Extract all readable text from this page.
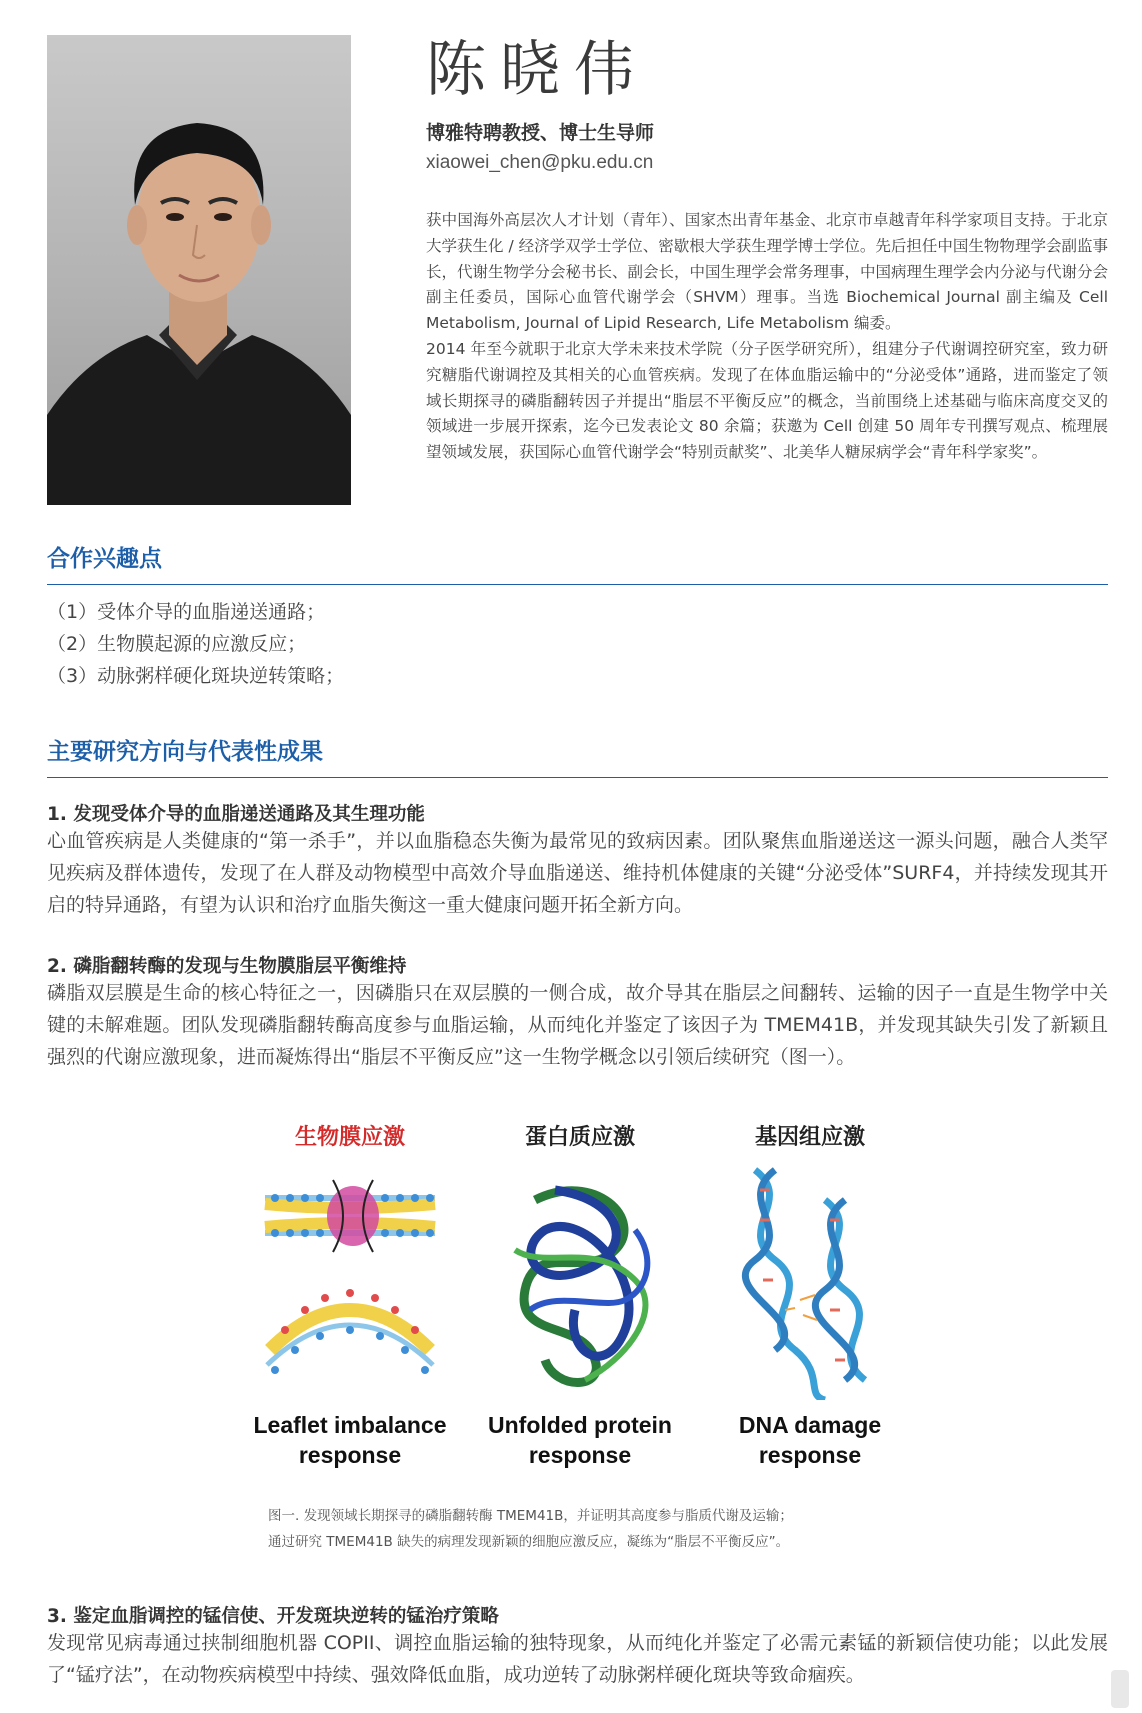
陈晓伟
博雅特聘教授、博士生导师
xiaowei_chen@pku.edu.cn

获中国海外高层次人才计划（青年）、国家杰出青年基金、北京市卓越青年科学家项目支持。于北京大学获生化 / 经济学双学士学位、密歇根大学获生理学博士学位。先后担任中国生物物理学会副监事长，代谢生物学分会秘书长、副会长，中国生理学会常务理事，中国病理生理学会内分泌与代谢分会副主任委员，国际心血管代谢学会（SHVM）理事。当选 Biochemical Journal 副主编及 Cell Metabolism, Journal of Lipid Research, Life Metabolism 编委。

2014 年至今就职于北京大学未来技术学院（分子医学研究所），组建分子代谢调控研究室，致力研究糖脂代谢调控及其相关的心血管疾病。发现了在体血脂运输中的“分泌受体”通路，进而鉴定了领域长期探寻的磷脂翻转因子并提出“脂层不平衡反应”的概念，当前围绕上述基础与临床高度交叉的领域进一步展开探索，迄今已发表论文 80 余篇；获邀为 Cell 创建 50 周年专刊撰写观点、梳理展望领域发展，获国际心血管代谢学会“特别贡献奖”、北美华人糖尿病学会“青年科学家奖”。

合作兴趣点
（1）受体介导的血脂递送通路；
（2）生物膜起源的应激反应；
（3）动脉粥样硬化斑块逆转策略；
主要研究方向与代表性成果
1. 发现受体介导的血脂递送通路及其生理功能
心血管疾病是人类健康的“第一杀手”，并以血脂稳态失衡为最常见的致病因素。团队聚焦血脂递送这一源头问题，融合人类罕见疾病及群体遗传，发现了在人群及动物模型中高效介导血脂递送、维持机体健康的关键“分泌受体”SURF4，并持续发现其开启的特异通路，有望为认识和治疗血脂失衡这一重大健康问题开拓全新方向。
2. 磷脂翻转酶的发现与生物膜脂层平衡维持
磷脂双层膜是生命的核心特征之一，因磷脂只在双层膜的一侧合成，故介导其在脂层之间翻转、运输的因子一直是生物学中关键的未解难题。团队发现磷脂翻转酶高度参与血脂运输，从而纯化并鉴定了该因子为 TMEM41B，并发现其缺失引发了新颖且强烈的代谢应激现象，进而凝炼得出“脂层不平衡反应”这一生物学概念以引领后续研究（图一）。
生物膜应激
Leaflet imbalance
response
蛋白质应激
Unfolded protein
response
基因组应激
DNA damage
response
图一. 发现领域长期探寻的磷脂翻转酶 TMEM41B，并证明其高度参与脂质代谢及运输；
通过研究 TMEM41B 缺失的病理发现新颖的细胞应激反应，凝练为“脂层不平衡反应”。
3. 鉴定血脂调控的锰信使、开发斑块逆转的锰治疗策略
发现常见病毒通过挟制细胞机器 COPII、调控血脂运输的独特现象，从而纯化并鉴定了必需元素锰的新颖信使功能；以此发展了“锰疗法”，在动物疾病模型中持续、强效降低血脂，成功逆转了动脉粥样硬化斑块等致命痼疾。
